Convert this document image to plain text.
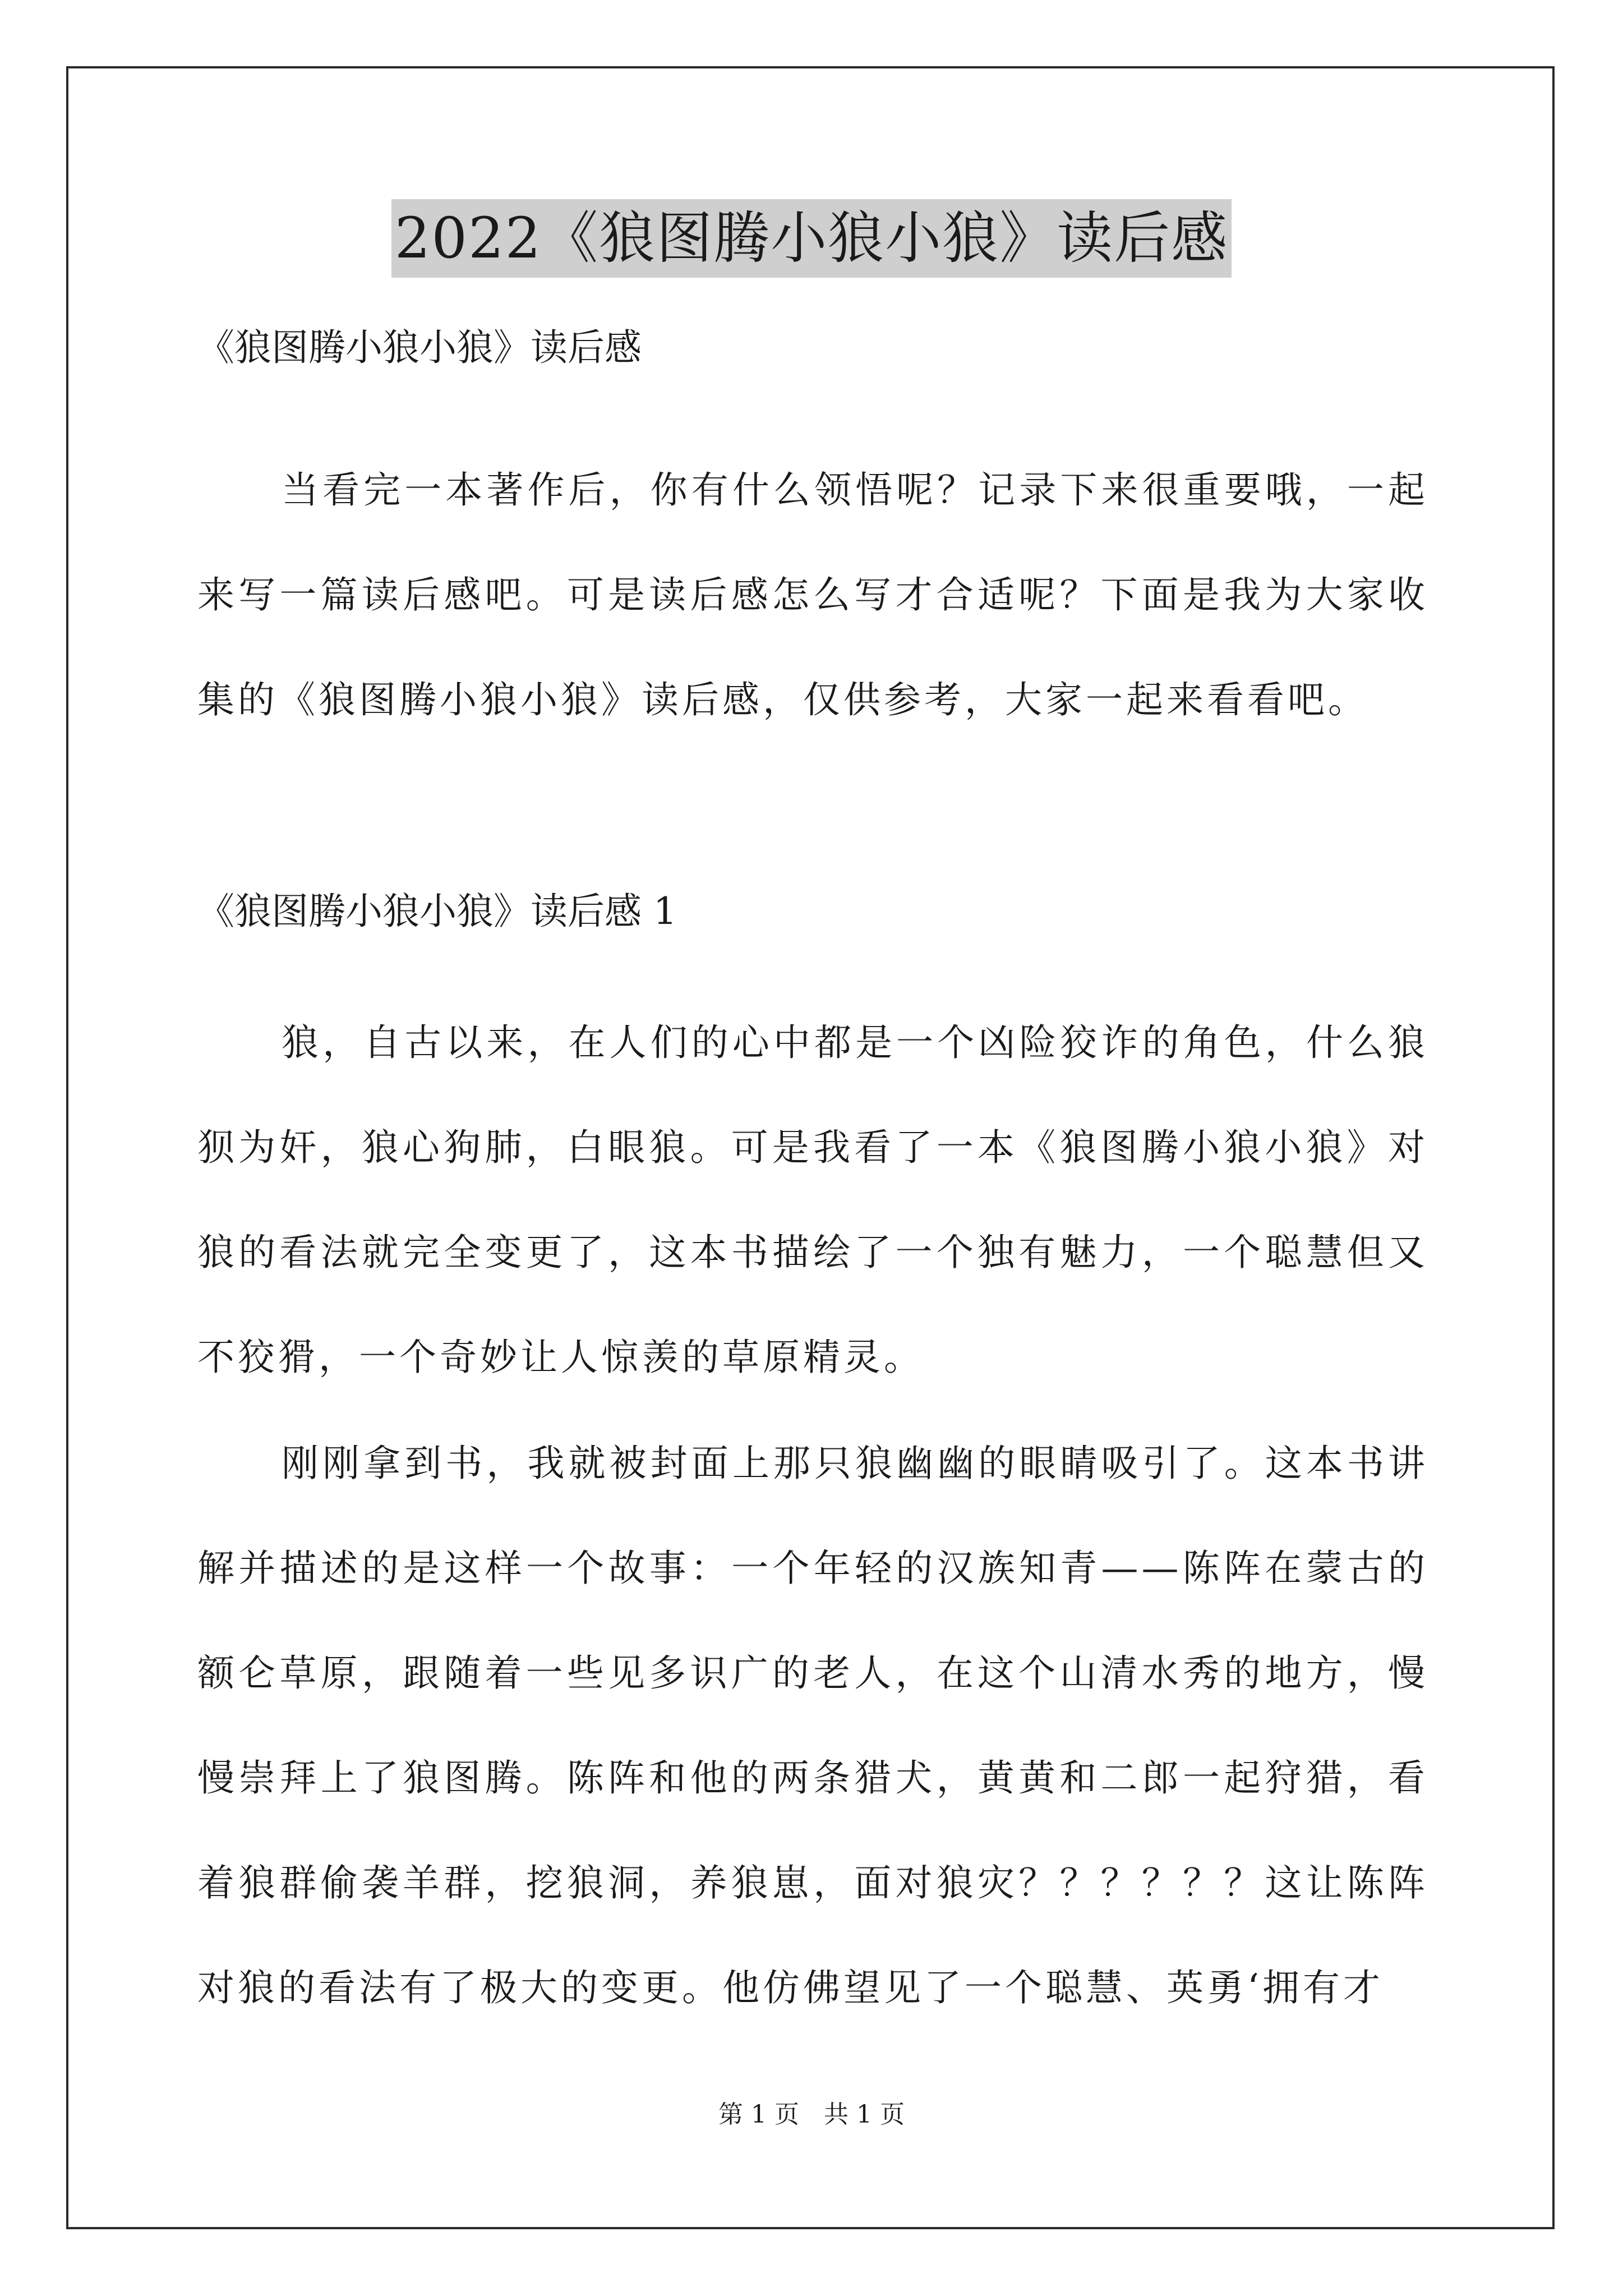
2022《狼图腾小狼小狼》读后感
《狼图腾小狼小狼》读后感
当看完一本著作后，你有什么领悟呢？记录下来很重要哦，一起来写一篇读后感吧。可是读后感怎么写才合适呢？下面是我为大家收集的《狼图腾小狼小狼》读后感，仅供参考，大家一起来看看吧。
《狼图腾小狼小狼》读后感 1
狼，自古以来，在人们的心中都是一个凶险狡诈的角色，什么狼狈为奸，狼心狗肺，白眼狼。可是我看了一本《狼图腾小狼小狼》对狼的看法就完全变更了，这本书描绘了一个独有魅力，一个聪慧但又不狡猾，一个奇妙让人惊羡的草原精灵。
刚刚拿到书，我就被封面上那只狼幽幽的眼睛吸引了。这本书讲解并描述的是这样一个故事：一个年轻的汉族知青——陈阵在蒙古的额仑草原，跟随着一些见多识广的老人，在这个山清水秀的地方，慢慢崇拜上了狼图腾。陈阵和他的两条猎犬，黄黄和二郎一起狩猎，看着狼群偷袭羊群，挖狼洞，养狼崽，面对狼灾？？？？？？这让陈阵对狼的看法有了极大的变更。他仿佛望见了一个聪慧、英勇‘拥有才
第 1 页　共 1 页
